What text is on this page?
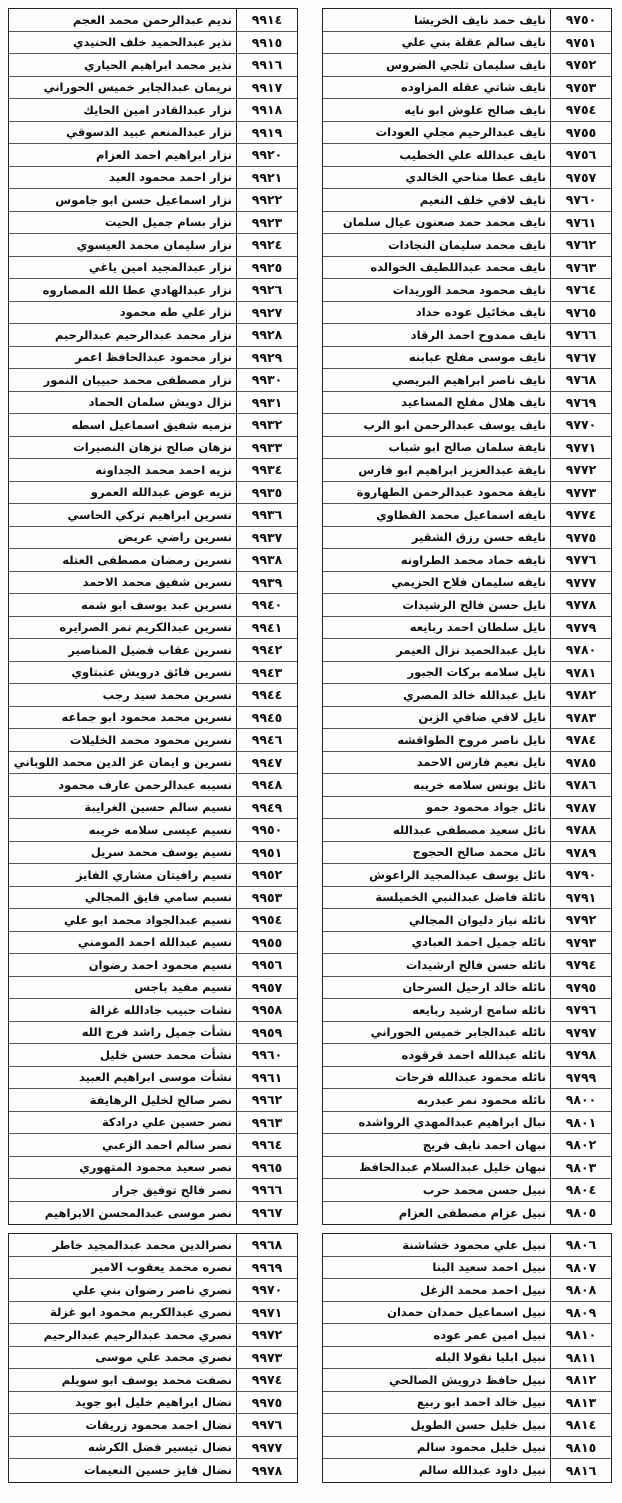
٩٧٥٠
نايف حمد نايف الخريشا
٩٧٥١
نايف سالم عقلة بني علي
٩٧٥٢
نايف سليمان ثلجي الضروس
٩٧٥٣
نايف شاتي عقله المزاوده
٩٧٥٤
نايف صالح علوش ابو نايه
٩٧٥٥
نايف عبدالرحيم مجلي العودات
٩٧٥٦
نايف عبدالله علي الخطيب
٩٧٥٧
نايف عطا مناحي الخالدي
٩٧٦٠
نايف لافي خلف النعيم
٩٧٦١
نايف محمد حمد صعنون عيال سلمان
٩٧٦٢
نايف محمد سليمان النجادات
٩٧٦٣
نايف محمد عبداللطيف الخوالده
٩٧٦٤
نايف محمود محمد الوريدات
٩٧٦٥
نايف مخائيل عوده حداد
٩٧٦٦
نايف ممدوح احمد الرقاد
٩٧٦٧
نايف موسى مفلح عبابنه
٩٧٦٨
نايف ناصر ابراهيم البريصي
٩٧٦٩
نايف هلال مفلح المساعيد
٩٧٧٠
نايف يوسف عبدالرحمن ابو الرب
٩٧٧١
نايفة سلمان صالح ابو شباب
٩٧٧٢
نايفة عبدالعزيز ابراهيم ابو فارس
٩٧٧٣
نايفة محمود عبدالرحمن الطهاروة
٩٧٧٤
نايفه اسماعيل محمد القطاوي
٩٧٧٥
نايفه حسن رزق الشقير
٩٧٧٦
نايفه حماد محمد الطراونه
٩٧٧٧
نايفه سليمان فلاح الحزيمي
٩٧٧٨
نايل حسن فالح الرشيدات
٩٧٧٩
نايل سلطان احمد ربايعه
٩٧٨٠
نايل عبدالحميد نزال العيمر
٩٧٨١
نايل سلامه بركات الجبور
٩٧٨٢
نايل عبدالله خالد المصري
٩٧٨٣
نايل لافي ضافي الزبن
٩٧٨٤
نايل ناصر مروح الطواقشه
٩٧٨٥
نايل نعيم فارس الاحمد
٩٧٨٦
نائل يونس سلامه خريبه
٩٧٨٧
نائل جواد محمود حمو
٩٧٨٨
نائل سعيد مصطفى عبدالله
٩٧٨٩
نائل محمد صالح الحجوج
٩٧٩٠
نائل يوسف عبدالمجيد الراعوش
٩٧٩١
نائلة فاضل عبدالنبي الخميلسة
٩٧٩٢
نائله نياز دليوان المجالي
٩٧٩٣
نائله جميل احمد العبادي
٩٧٩٤
نائله حسن فالح ارشيدات
٩٧٩٥
نائله خالد ارحيل السرحان
٩٧٩٦
نائله سامح ارشيد ربايعه
٩٧٩٧
نائله عبدالجابر خميس الحوراني
٩٧٩٨
نائله عبدالله احمد قرقوده
٩٧٩٩
نائله محمود عبدالله فرحات
٩٨٠٠
نائله محمود نمر عبدربه
٩٨٠١
نبال ابراهيم عبدالمهدي الرواشده
٩٨٠٢
نبهان احمد نايف فريج
٩٨٠٣
نبهان خليل عبدالسلام عبدالحافظ
٩٨٠٤
نبيل حسن محمد حرب
٩٨٠٥
نبيل عزام مصطفى العزام
٩٨٠٦
نبيل علي محمود خشاشنة
٩٨٠٧
نبيل احمد سعيد البنا
٩٨٠٨
نبيل احمد محمد الزغل
٩٨٠٩
نبيل اسماعيل حمدان حمدان
٩٨١٠
نبيل امين عمر عوده
٩٨١١
نبيل ابليا نقولا البله
٩٨١٢
نبيل حافظ درويش الصالحي
٩٨١٣
نبيل خالد احمد ابو ربيع
٩٨١٤
نبيل خليل حسن الطويل
٩٨١٥
نبيل خليل محمود سالم
٩٨١٦
نبيل داود عبدالله سالم
٩٩١٤
نديم عبدالرحمن محمد العجم
٩٩١٥
نذير عبدالحميد خلف الحنيدي
٩٩١٦
نذير محمد ابراهيم الحياري
٩٩١٧
نريمان عبدالجابر خميس الحوراني
٩٩١٨
نزار عبدالقادر امين الحايك
٩٩١٩
نزار عبدالمنعم عبيد الدسوقي
٩٩٢٠
نزار ابراهيم احمد العزام
٩٩٢١
نزار احمد محمود العبد
٩٩٢٢
نزار اسماعيل حسن ابو جاموس
٩٩٢٣
نزار بسام جميل الحيت
٩٩٢٤
نزار سليمان محمد العيسوي
٩٩٢٥
نزار عبدالمجيد امين ياغي
٩٩٢٦
نزار عبدالهادي عطا الله المصاروه
٩٩٢٧
نزار علي طه محمود
٩٩٢٨
نزار محمد عبدالرحيم عبدالرحيم
٩٩٢٩
نزار محمود عبدالحافظ اعمر
٩٩٣٠
نزار مصطفى محمد حبيبان النمور
٩٩٣١
نزال دويش سلمان الحماد
٩٩٣٢
نزميه شفيق اسماعيل اسطه
٩٩٣٣
نزهان صالح نزهان النصيرات
٩٩٣٤
نزيه احمد محمد الجداونه
٩٩٣٥
نزيه عوض عبدالله العمرو
٩٩٣٦
نسرين ابراهيم تركي الحاسي
٩٩٣٧
نسرين راضي عريض
٩٩٣٨
نسرين رمضان مصطفى العتله
٩٩٣٩
نسرين شفيق محمد الاحمد
٩٩٤٠
نسرين عبد يوسف ابو شمه
٩٩٤١
نسرين عبدالكريم نمر الصرايره
٩٩٤٢
نسرين عقاب فضيل المناصير
٩٩٤٣
نسرين فائق درويش عنبتاوي
٩٩٤٤
نسرين محمد سيد رجب
٩٩٤٥
نسرين محمد محمود ابو جماعه
٩٩٤٦
نسرين محمود محمد الخليلات
٩٩٤٧
نسرين و ايمان عز الدين محمد اللوباني
٩٩٤٨
نسيبه عبدالرحمن عارف محمود
٩٩٤٩
نسيم سالم حسين الغرايبة
٩٩٥٠
نسيم عيسى سلامه خريبه
٩٩٥١
نسيم يوسف محمد سريل
٩٩٥٢
نسيم رافيتان مشاري الفايز
٩٩٥٣
نسيم سامي فايق المجالي
٩٩٥٤
نسيم عبدالجواد محمد ابو علي
٩٩٥٥
نسيم عبدالله احمد المومني
٩٩٥٦
نسيم محمود احمد رضوان
٩٩٥٧
نسيم مفيد باجس
٩٩٥٨
نشات حبيب جادالله غزالة
٩٩٥٩
نشأت جميل راشد فرج الله
٩٩٦٠
نشأت محمد حسن خليل
٩٩٦١
نشأت موسى ابراهيم العبيد
٩٩٦٢
نصر صالح لخليل الرهايفة
٩٩٦٣
نصر حسين علي درادكة
٩٩٦٤
نصر سالم احمد الزعبي
٩٩٦٥
نصر سعيد محمود المتهوري
٩٩٦٦
نصر فالح توفيق جرار
٩٩٦٧
نصر موسى عبدالمحسن الابراهيم
٩٩٦٨
نصرالدين محمد عبدالمجيد خاطر
٩٩٦٩
نصره محمد يعقوب الامير
٩٩٧٠
نصري ناصر رضوان بني علي
٩٩٧١
نصري عبدالكريم محمود ابو غزلة
٩٩٧٢
نصري محمد عبدالرحيم عبدالرحيم
٩٩٧٣
نصري محمد علي موسى
٩٩٧٤
نصفت محمد يوسف ابو سويلم
٩٩٧٥
نضال ابراهيم خليل ابو جويد
٩٩٧٦
نضال احمد محمود زريقات
٩٩٧٧
نضال تيسير فضل الكرشه
٩٩٧٨
نضال فايز حسين النعيمات
